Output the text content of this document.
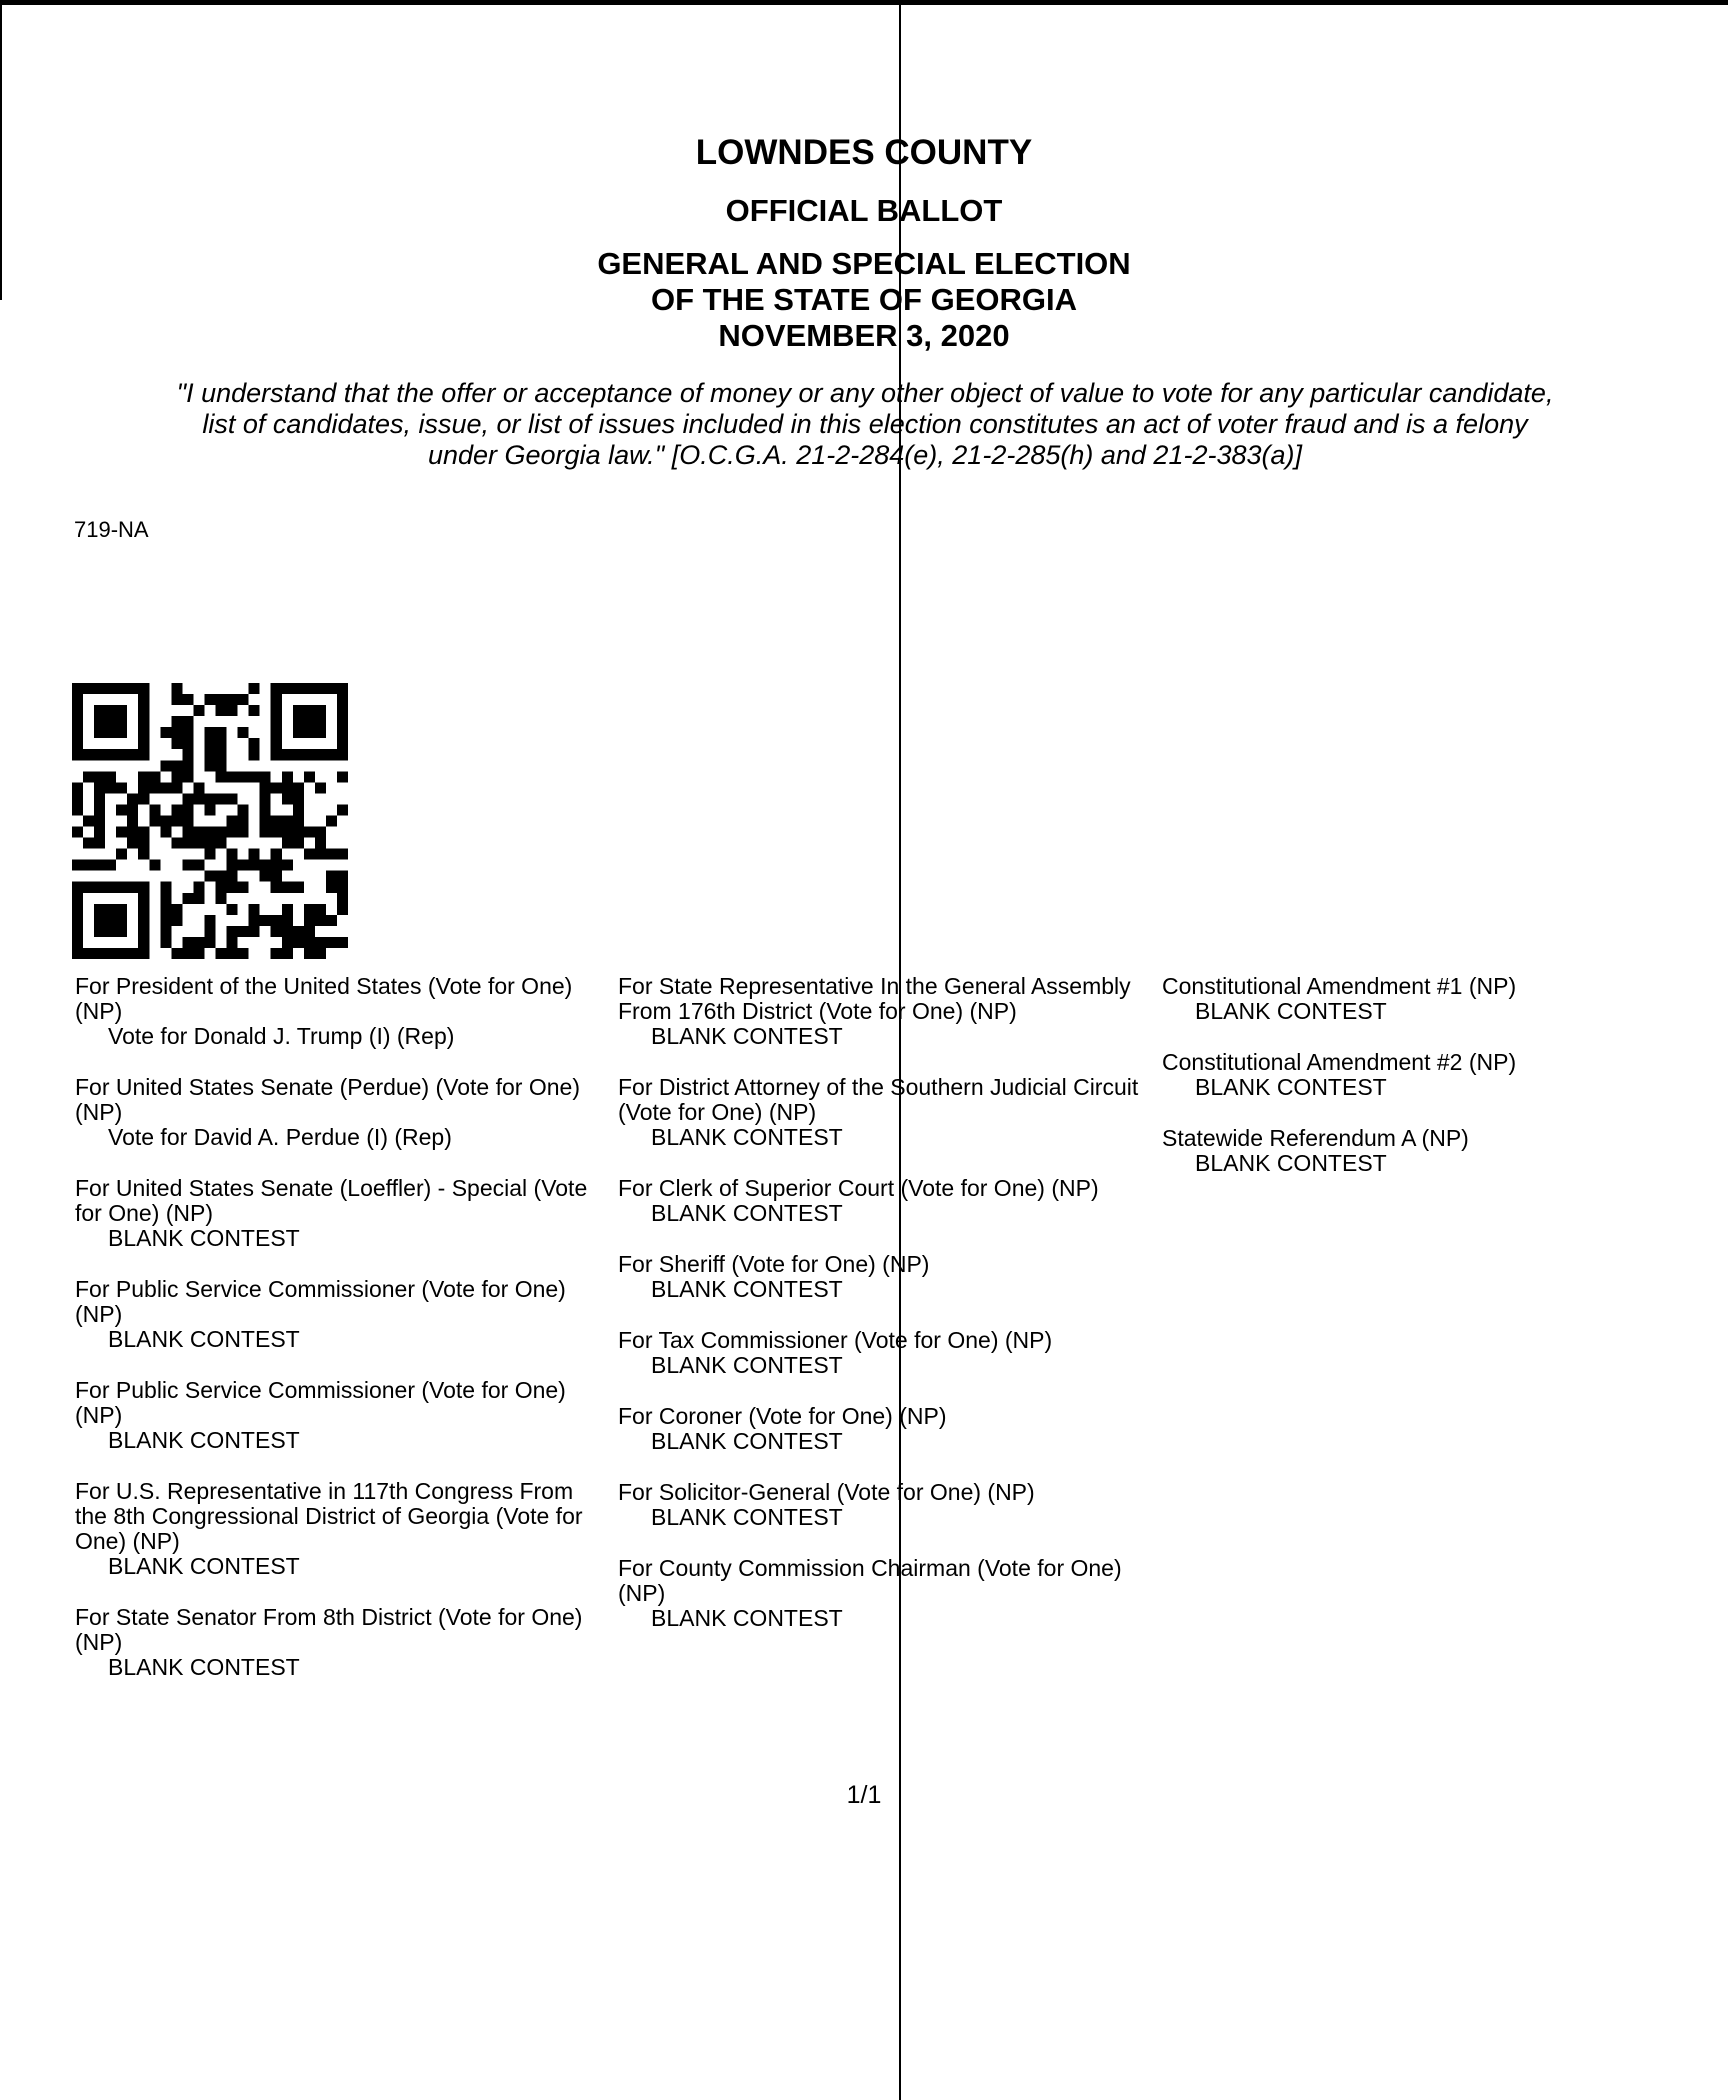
LOWNDES COUNTY
OFFICIAL BALLOT
GENERAL AND SPECIAL ELECTION
OF THE STATE OF GEORGIA
NOVEMBER 3, 2020
"I understand that the offer or acceptance of money or any other object of value to vote for any particular candidate,
list of candidates, issue, or list of issues included in this election constitutes an act of voter fraud and is a felony
under Georgia law." [O.C.G.A. 21-2-284(e), 21-2-285(h) and 21-2-383(a)]
719-NA
For President of the United States (Vote for One) (NP)
Vote for Donald J. Trump (I) (Rep)
For United States Senate (Perdue) (Vote for One) (NP)
Vote for David A. Perdue (I) (Rep)
For United States Senate (Loeffler) - Special (Vote for One) (NP)
BLANK CONTEST
For Public Service Commissioner (Vote for One) (NP)
BLANK CONTEST
For Public Service Commissioner (Vote for One) (NP)
BLANK CONTEST
For U.S. Representative in 117th Congress From the 8th Congressional District of Georgia (Vote for One) (NP)
BLANK CONTEST
For State Senator From 8th District (Vote for One) (NP)
BLANK CONTEST
For State Representative In the General Assembly From 176th District (Vote for One) (NP)
BLANK CONTEST
For District Attorney of the Southern Judicial Circuit (Vote for One) (NP)
BLANK CONTEST
For Clerk of Superior Court (Vote for One) (NP)
BLANK CONTEST
For Sheriff (Vote for One) (NP)
BLANK CONTEST
For Tax Commissioner (Vote for One) (NP)
BLANK CONTEST
For Coroner (Vote for One) (NP)
BLANK CONTEST
For Solicitor-General (Vote for One) (NP)
BLANK CONTEST
For County Commission Chairman (Vote for One) (NP)
BLANK CONTEST
Constitutional Amendment #1 (NP)
BLANK CONTEST
Constitutional Amendment #2 (NP)
BLANK CONTEST
Statewide Referendum A (NP)
BLANK CONTEST
1/1
